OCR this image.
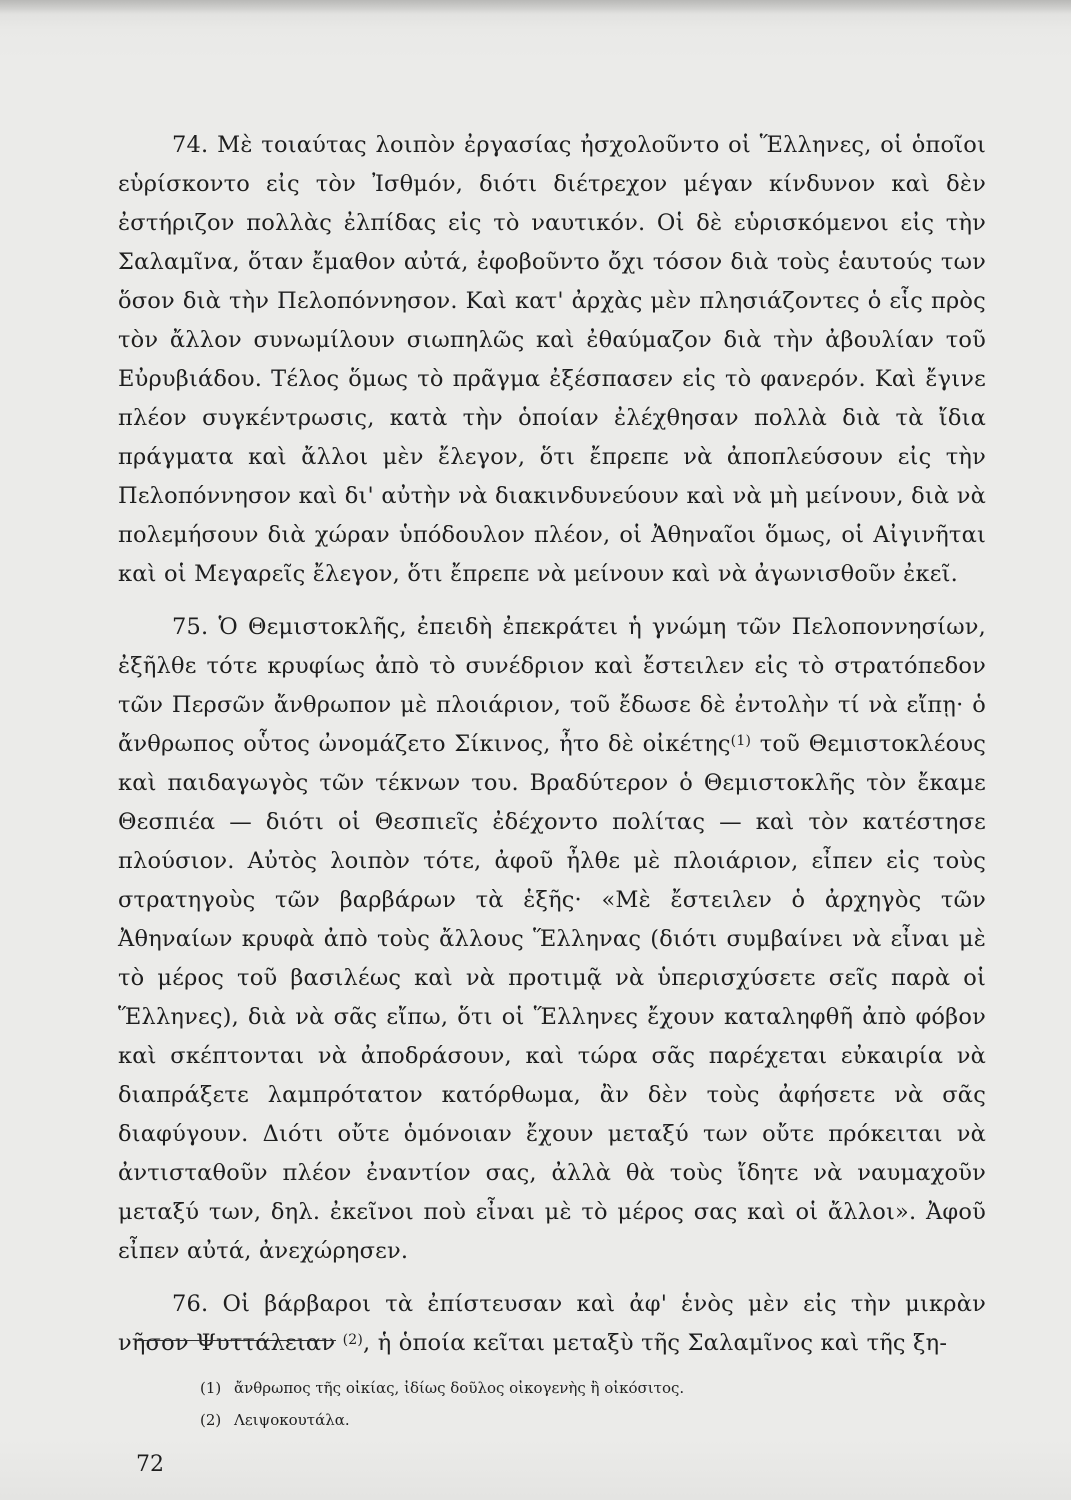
74. Μὲ τοιαύτας λοιπὸν ἐργασίας ἠσχολοῦντο οἱ Ἕλληνες, οἱ ὁποῖοι εὑρίσκοντο εἰς τὸν Ἰσθμόν, διότι διέτρεχον μέγαν κίνδυνον καὶ δὲν ἐστήριζον πολλὰς ἐλπίδας εἰς τὸ ναυτικόν. Οἱ δὲ εὑρισκόμενοι εἰς τὴν Σαλαμῖνα, ὅταν ἔμαθον αὐτά, ἐφοβοῦντο ὄχι τόσον διὰ τοὺς ἑαυτούς των ὅσον διὰ τὴν Πελοπόννησον. Καὶ κατ' ἀρχὰς μὲν πλησιάζοντες ὁ εἷς πρὸς τὸν ἄλλον συνωμίλουν σιωπηλῶς καὶ ἐθαύμαζον διὰ τὴν ἀβουλίαν τοῦ Εὐρυβιάδου. Τέλος ὅμως τὸ πρᾶγμα ἐξέσπασεν εἰς τὸ φανερόν. Καὶ ἔγινε πλέον συγκέντρωσις, κατὰ τὴν ὁποίαν ἐλέχθησαν πολλὰ διὰ τὰ ἴδια πράγματα καὶ ἄλλοι μὲν ἔλεγον, ὅτι ἔπρεπε νὰ ἀποπλεύσουν εἰς τὴν Πελοπόννησον καὶ δι' αὐτὴν νὰ διακινδυνεύουν καὶ νὰ μὴ μείνουν, διὰ νὰ πολεμήσουν διὰ χώραν ὑπόδουλον πλέον, οἱ Ἀθηναῖοι ὅμως, οἱ Αἰγινῆται καὶ οἱ Μεγαρεῖς ἔλεγον, ὅτι ἔπρεπε νὰ μείνουν καὶ νὰ ἀγωνισθοῦν ἐκεῖ.

75. Ὁ Θεμιστοκλῆς, ἐπειδὴ ἐπεκράτει ἡ γνώμη τῶν Πελοποννησίων, ἐξῆλθε τότε κρυφίως ἀπὸ τὸ συνέδριον καὶ ἔστειλεν εἰς τὸ στρατόπεδον τῶν Περσῶν ἄνθρωπον μὲ πλοιάριον, τοῦ ἔδωσε δὲ ἐντολὴν τί νὰ εἴπῃ· ὁ ἄνθρωπος οὗτος ὠνομάζετο Σίκινος, ἦτο δὲ οἰκέτης$^{(1)}$ τοῦ Θεμιστοκλέους καὶ παιδαγωγὸς τῶν τέκνων του. Βραδύτερον ὁ Θεμιστοκλῆς τὸν ἔκαμε Θεσπιέα — διότι οἱ Θεσπιεῖς ἐδέχοντο πολίτας — καὶ τὸν κατέστησε πλούσιον. Αὐτὸς λοιπὸν τότε, ἀφοῦ ἦλθε μὲ πλοιάριον, εἶπεν εἰς τοὺς στρατηγοὺς τῶν βαρβάρων τὰ ἑξῆς· «Μὲ ἔστειλεν ὁ ἀρχηγὸς τῶν Ἀθηναίων κρυφὰ ἀπὸ τοὺς ἄλλους Ἕλληνας (διότι συμβαίνει νὰ εἶναι μὲ τὸ μέρος τοῦ βασιλέως καὶ νὰ προτιμᾷ νὰ ὑπερισχύσετε σεῖς παρὰ οἱ Ἕλληνες), διὰ νὰ σᾶς εἴπω, ὅτι οἱ Ἕλληνες ἔχουν καταληφθῆ ἀπὸ φόβον καὶ σκέπτονται νὰ ἀποδράσουν, καὶ τώρα σᾶς παρέχεται εὐκαιρία νὰ διαπράξετε λαμπρότατον κατόρθωμα, ἂν δὲν τοὺς ἀφήσετε νὰ σᾶς διαφύγουν. Διότι οὔτε ὁμόνοιαν ἔχουν μεταξύ των οὔτε πρόκειται νὰ ἀντισταθοῦν πλέον ἐναντίον σας, ἀλλὰ θὰ τοὺς ἴδητε νὰ ναυμαχοῦν μεταξύ των, δηλ. ἐκεῖνοι ποὺ εἶναι μὲ τὸ μέρος σας καὶ οἱ ἄλλοι». Ἀφοῦ εἶπεν αὐτά, ἀνεχώρησεν.

76. Οἱ βάρβαροι τὰ ἐπίστευσαν καὶ ἀφ' ἑνὸς μὲν εἰς τὴν μικρὰν νῆσον Ψυττάλειαν $^{(2)}$, ἡ ὁποία κεῖται μεταξὺ τῆς Σαλαμῖνος καὶ τῆς ξη-

(1) ἄνθρωπος τῆς οἰκίας, ἰδίως δοῦλος οἰκογενὴς ἢ οἰκόσιτος.
(2) Λειψοκουτάλα.
72
